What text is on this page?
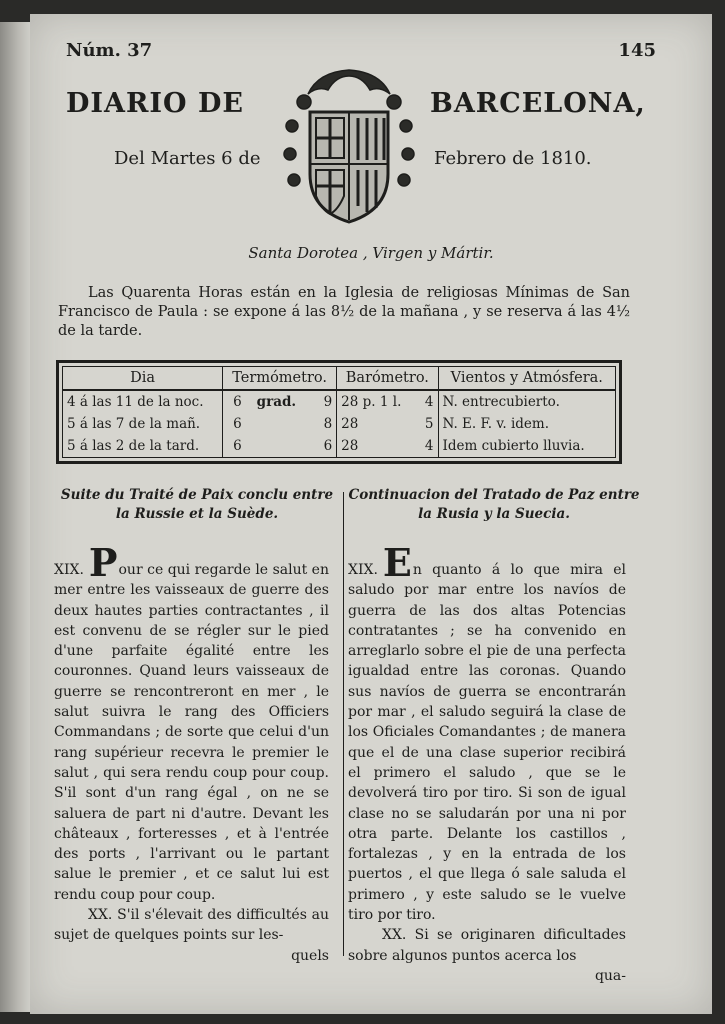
Núm. 37	145
DIARIO DE	BARCELONA,
Del Martes 6 de	Febrero de 1810.
Santa Dorotea , Virgen y Mártir.
Las Quarenta Horas están en la Iglesia de religiosas Mínimas de San Francisco de Paula : se expone á las 8½ de la mañana , y se reserva á las 4½ de la tarde.
Dia	Termómetro.			Barómetro.		Vientos y Atmósfera.
4 á las 11 de la noc.	6	grad.	9	28 p. 1 l.	4	N. entrecubierto.
5 á las 7 de la mañ.	6		8	28	5	N. E. F. v. idem.
5 á las 2 de la tard.	6		6	28	4	Idem cubierto lluvia.
Suite du Traité de Paix conclu entre la Russie et la Suède.
Continuacion del Tratado de Paz entre la Rusia y la Suecia.

XIX. Pour ce qui regarde le salut en mer entre les vaisseaux de guerre des deux hautes parties contractantes , il est convenu de se régler sur le pied d'une parfaite égalité entre les couronnes. Quand leurs vaisseaux de guerre se rencontreront en mer , le salut suivra le rang des Officiers Commandans ; de sorte que celui d'un rang supérieur recevra le premier le salut , qui sera rendu coup pour coup. S'il sont d'un rang égal , on ne se saluera de part ni d'autre. Devant les châteaux , forteresses , et à l'entrée des ports , l'arrivant ou le partant salue le premier , et ce salut lui est rendu coup pour coup.

XX. S'il s'élevait des difficultés au sujet de quelques points sur les-

quels

XIX. En quanto á lo que mira el saludo por mar entre los navíos de guerra de las dos altas Potencias contratantes ; se ha convenido en arreglarlo sobre el pie de una perfecta igualdad entre las coronas. Quando sus navíos de guerra se encontrarán por mar , el saludo seguirá la clase de los Oficiales Comandantes ; de manera que el de una clase superior recibirá el primero el saludo , que se le devolverá tiro por tiro. Si son de igual clase no se saludarán por una ni por otra parte. Delante los castillos , fortalezas , y en la entrada de los puertos , el que llega ó sale saluda el primero , y este saludo se le vuelve tiro por tiro.

XX. Si se originaren dificultades sobre algunos puntos acerca los

qua-
